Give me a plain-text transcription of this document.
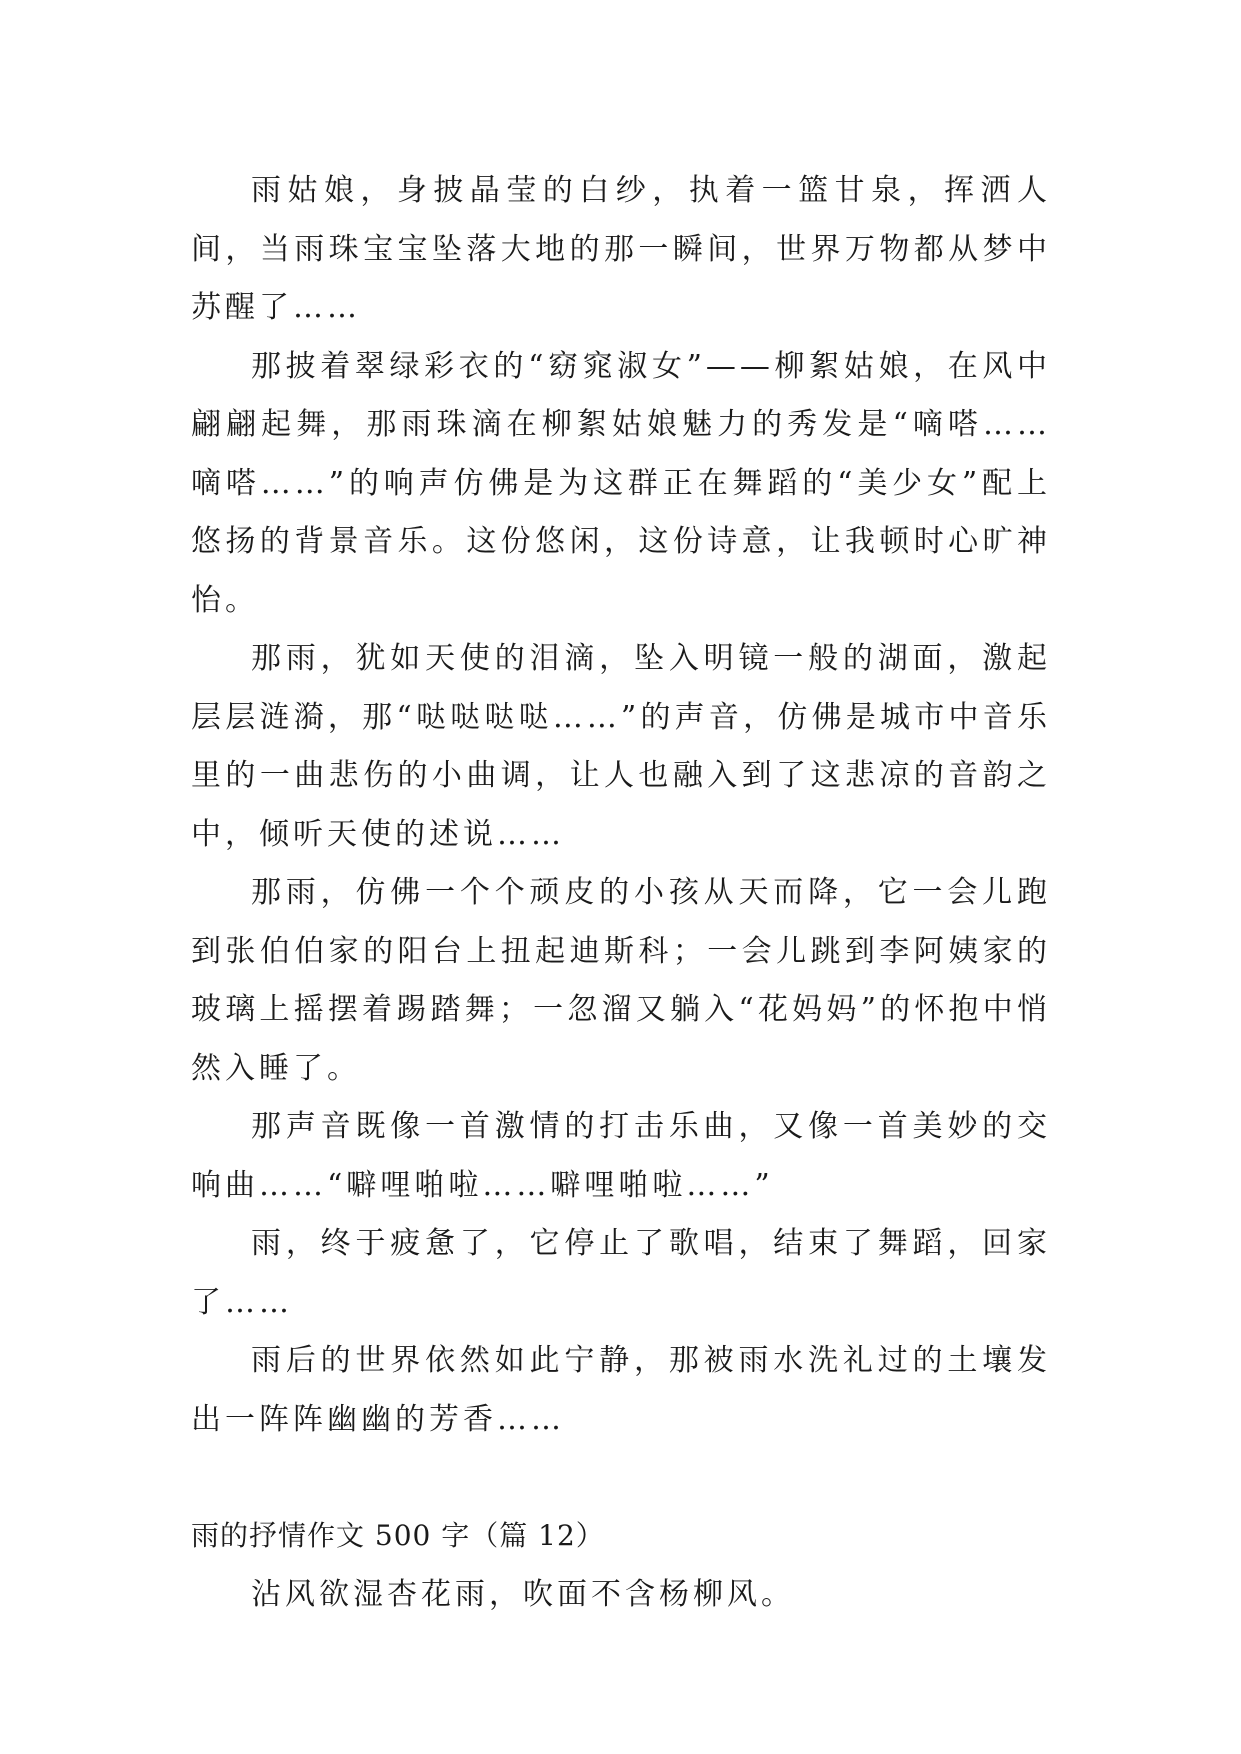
雨姑娘，身披晶莹的白纱，执着一篮甘泉，挥洒人间，当雨珠宝宝坠落大地的那一瞬间，世界万物都从梦中苏醒了……

那披着翠绿彩衣的“窈窕淑女”——柳絮姑娘，在风中翩翩起舞，那雨珠滴在柳絮姑娘魅力的秀发是“嘀嗒……嘀嗒……”的响声仿佛是为这群正在舞蹈的“美少女”配上悠扬的背景音乐。这份悠闲，这份诗意，让我顿时心旷神怡。

那雨，犹如天使的泪滴，坠入明镜一般的湖面，激起层层涟漪，那“哒哒哒哒……”的声音，仿佛是城市中音乐里的一曲悲伤的小曲调，让人也融入到了这悲凉的音韵之中，倾听天使的述说……

那雨，仿佛一个个顽皮的小孩从天而降，它一会儿跑到张伯伯家的阳台上扭起迪斯科；一会儿跳到李阿姨家的玻璃上摇摆着踢踏舞；一忽溜又躺入“花妈妈”的怀抱中悄然入睡了。

那声音既像一首激情的打击乐曲，又像一首美妙的交响曲……“噼哩啪啦……噼哩啪啦……”

雨，终于疲惫了，它停止了歌唱，结束了舞蹈，回家了……

雨后的世界依然如此宁静，那被雨水洗礼过的土壤发出一阵阵幽幽的芳香……

雨的抒情作文 500 字（篇 12）

沾风欲湿杏花雨，吹面不含杨柳风。
